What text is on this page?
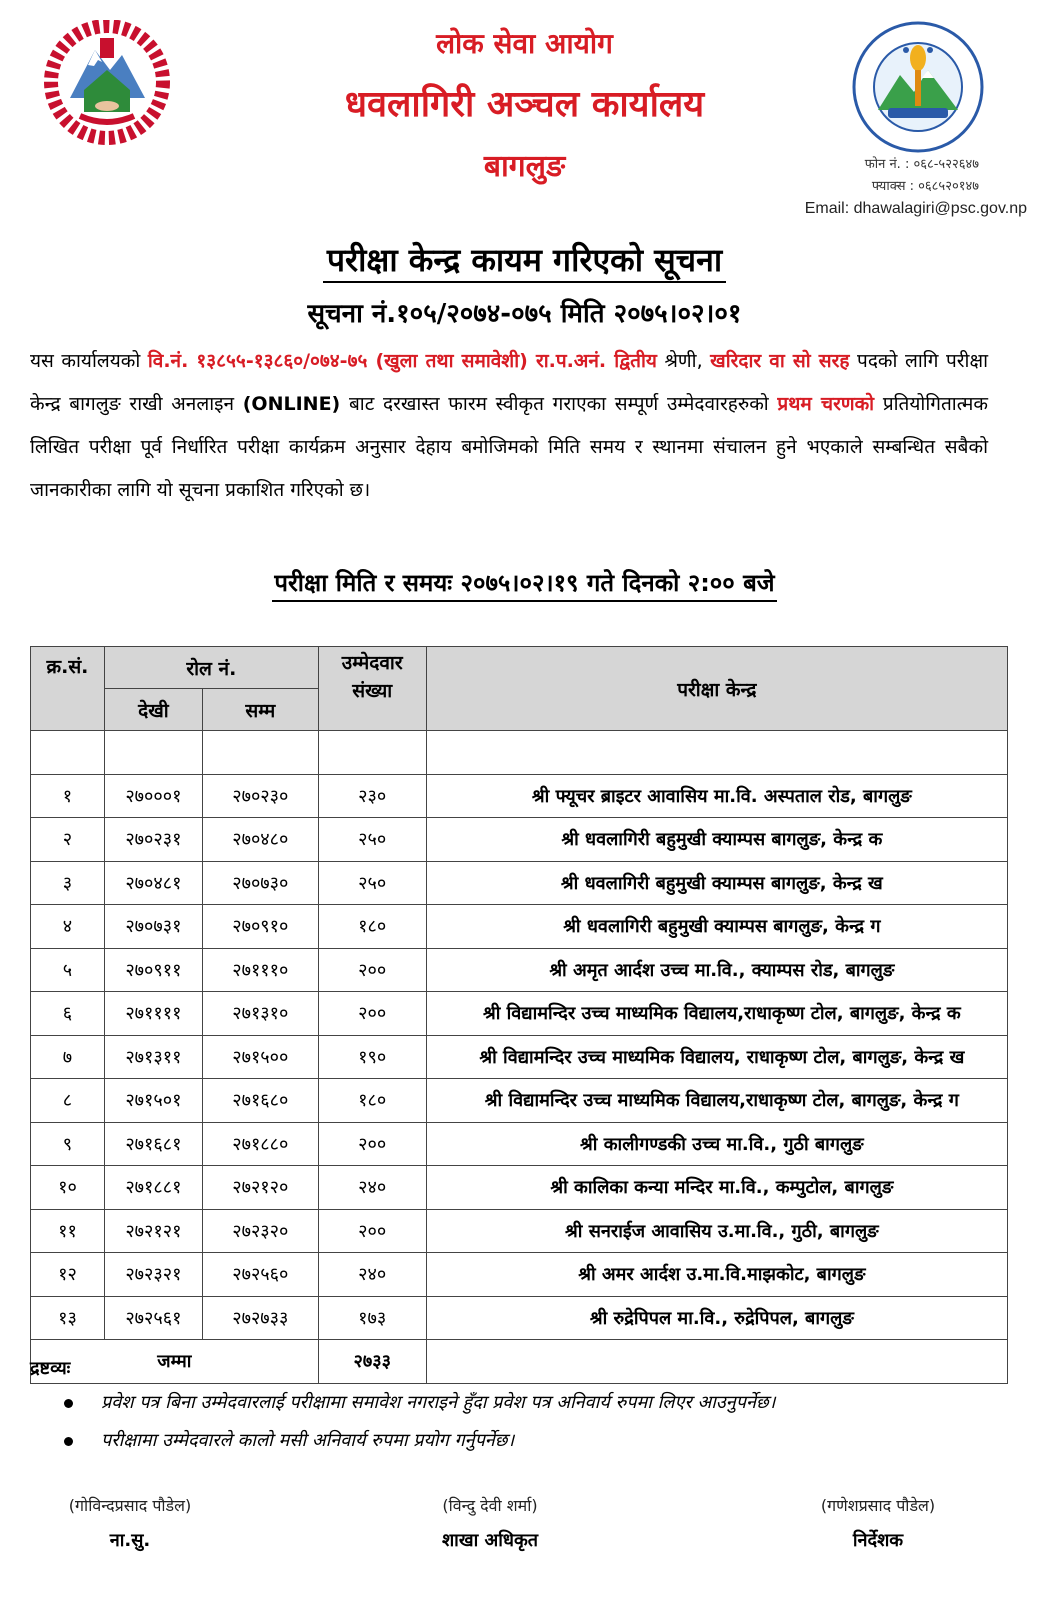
लोक सेवा आयोग
धवलागिरी अञ्चल कार्यालय
बागलुङ	फोन नं. : ०६८-५२२६४७
फ्याक्स : ०६८५२०१४७
Email: dhawalagiri@psc.gov.np
परीक्षा केन्द्र कायम गरिएको सूचना
सूचना नं.१०५/२०७४-०७५ मिति २०७५।०२।०१
यस कार्यालयको वि.नं. १३८५५-१३८६०/०७४-७५ (खुला तथा समावेशी) रा.प.अनं. द्वितीय श्रेणी, खरिदार वा सो सरह पदको लागि परीक्षा केन्द्र बागलुङ राखी अनलाइन (ONLINE) बाट दरखास्त फारम स्वीकृत गराएका सम्पूर्ण उम्मेदवारहरुको प्रथम चरणको प्रतियोगितात्मक लिखित परीक्षा पूर्व निर्धारित परीक्षा कार्यक्रम अनुसार देहाय बमोजिमको मिति समय र स्थानमा संचालन हुने भएकाले सम्बन्धित सबैको जानकारीका लागि यो सूचना प्रकाशित गरिएको छ।
परीक्षा मिति र समयः २०७५।०२।१९ गते दिनको २:०० बजे
क्र.सं.	रोल नं.		उम्मेदवार संख्या	परीक्षा केन्द्र
	देखी	सम्म		

१	२७०००१	२७०२३०	२३०	श्री फ्यूचर ब्राइटर आवासिय मा.वि. अस्पताल रोड, बागलुङ
२	२७०२३१	२७०४८०	२५०	श्री धवलागिरी बहुमुखी क्याम्पस बागलुङ, केन्द्र क
३	२७०४८१	२७०७३०	२५०	श्री धवलागिरी बहुमुखी क्याम्पस बागलुङ, केन्द्र ख
४	२७०७३१	२७०९१०	१८०	श्री धवलागिरी बहुमुखी क्याम्पस बागलुङ, केन्द्र ग
५	२७०९११	२७१११०	२००	श्री अमृत आर्दश उच्च मा.वि., क्याम्पस रोड, बागलुङ
६	२७११११	२७१३१०	२००	श्री विद्यामन्दिर उच्च माध्यमिक विद्यालय,राधाकृष्ण टोल, बागलुङ, केन्द्र क
७	२७१३११	२७१५००	१९०	श्री विद्यामन्दिर उच्च माध्यमिक विद्यालय, राधाकृष्ण टोल, बागलुङ, केन्द्र ख
८	२७१५०१	२७१६८०	१८०	श्री विद्यामन्दिर उच्च माध्यमिक विद्यालय,राधाकृष्ण टोल, बागलुङ, केन्द्र ग
९	२७१६८१	२७१८८०	२००	श्री कालीगण्डकी उच्च मा.वि., गुठी बागलुङ
१०	२७१८८१	२७२१२०	२४०	श्री कालिका कन्या मन्दिर मा.वि., कम्पुटोल, बागलुङ
११	२७२१२१	२७२३२०	२००	श्री सनराईज आवासिय उ.मा.वि., गुठी, बागलुङ
१२	२७२३२१	२७२५६०	२४०	श्री अमर आर्दश उ.मा.वि.माझकोट, बागलुङ
१३	२७२५६१	२७२७३३	१७३	श्री रुद्रेपिपल मा.वि., रुद्रेपिपल, बागलुङ
जम्मा			२७३३	
द्रष्टव्यः
प्रवेश पत्र बिना उम्मेदवारलाई परीक्षामा समावेश नगराइने हुँदा प्रवेश पत्र अनिवार्य रुपमा लिएर आउनुपर्नेछ।
परीक्षामा उम्मेदवारले कालो मसी अनिवार्य रुपमा प्रयोग गर्नुपर्नेछ।
(गोविन्दप्रसाद पौडेल)
ना.सु.
(विन्दु देवी शर्मा)
शाखा अधिकृत
(गणेशप्रसाद पौडेल)
निर्देशक
